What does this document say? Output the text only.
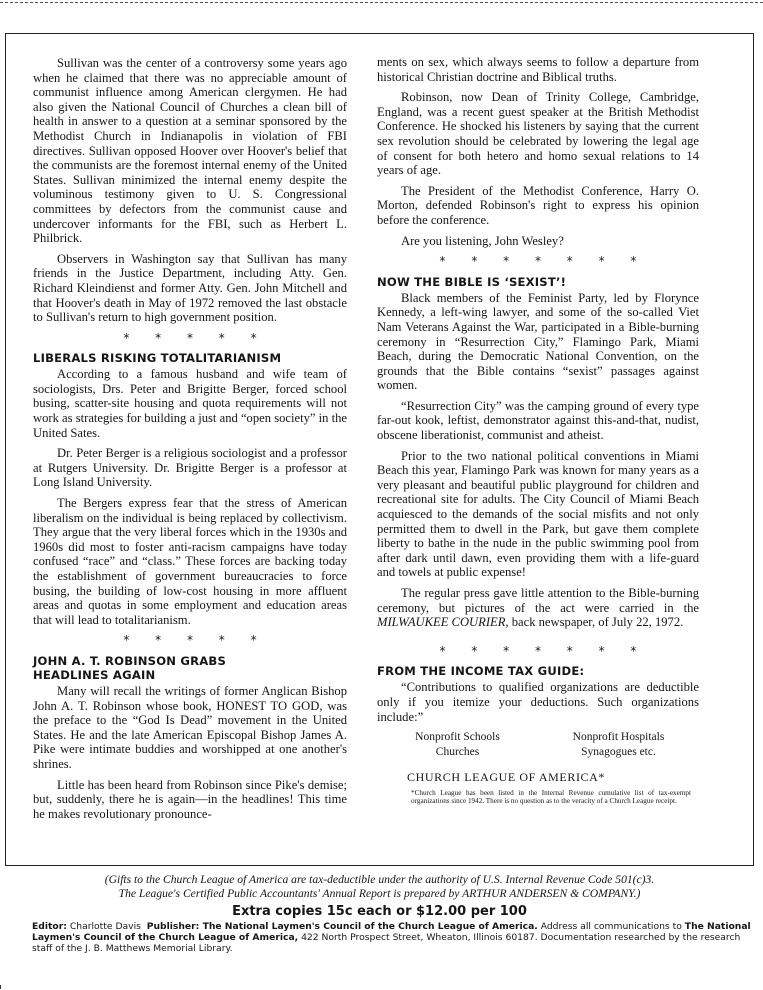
Sullivan was the center of a controversy some years ago when he claimed that there was no appreciable amount of communist influence among American clergymen. He had also given the National Council of Churches a clean bill of health in answer to a question at a seminar sponsored by the Methodist Church in Indianapolis in violation of FBI directives. Sullivan opposed Hoover over Hoover's belief that the communists are the foremost internal enemy of the United States. Sullivan minimized the internal enemy despite the voluminous testimony given to U. S. Congressional committees by defectors from the communist cause and undercover informants for the FBI, such as Herbert L. Philbrick.

Observers in Washington say that Sullivan has many friends in the Justice Department, including Atty. Gen. Richard Kleindienst and former Atty. Gen. John Mitchell and that Hoover's death in May of 1972 removed the last obstacle to Sullivan's return to high government position.

* * * * *
LIBERALS RISKING TOTALITARIANISM

According to a famous husband and wife team of sociologists, Drs. Peter and Brigitte Berger, forced school busing, scatter-site housing and quota requirements will not work as strategies for building a just and “open society” in the United Sates.

Dr. Peter Berger is a religious sociologist and a professor at Rutgers University. Dr. Brigitte Berger is a professor at Long Island University.

The Bergers express fear that the stress of American liberalism on the individual is being replaced by collectivism. They argue that the very liberal forces which in the 1930s and 1960s did most to foster anti-racism campaigns have today confused “race” and “class.” These forces are backing today the establishment of government bureaucracies to force busing, the building of low-cost housing in more affluent areas and quotas in some employment and education areas that will lead to totalitarianism.

* * * * *
JOHN A. T. ROBINSON GRABS
HEADLINES AGAIN

Many will recall the writings of former Anglican Bishop John A. T. Robinson whose book, HONEST TO GOD, was the preface to the “God Is Dead” movement in the United States. He and the late American Episcopal Bishop James A. Pike were intimate buddies and worshipped at one another's shrines.

Little has been heard from Robinson since Pike's demise; but, suddenly, there he is again—in the headlines! This time he makes revolutionary pronounce-

ments on sex, which always seems to follow a departure from historical Christian doctrine and Biblical truths.

Robinson, now Dean of Trinity College, Cambridge, England, was a recent guest speaker at the British Methodist Conference. He shocked his listeners by saying that the current sex revolution should be celebrated by lowering the legal age of consent for both hetero and homo sexual relations to 14 years of age.

The President of the Methodist Conference, Harry O. Morton, defended Robinson's right to express his opinion before the conference.

Are you listening, John Wesley?

* * * * * * *
NOW THE BIBLE IS ‘SEXIST’!

Black members of the Feminist Party, led by Florynce Kennedy, a left-wing lawyer, and some of the so-called Viet Nam Veterans Against the War, participated in a Bible-burning ceremony in “Resurrection City,” Flamingo Park, Miami Beach, during the Democratic National Convention, on the grounds that the Bible contains “sexist” passages against women.

“Resurrection City” was the camping ground of every type far-out kook, leftist, demonstrator against this-and-that, nudist, obscene liberationist, communist and atheist.

Prior to the two national political conventions in Miami Beach this year, Flamingo Park was known for many years as a very pleasant and beautiful public playground for children and recreational site for adults. The City Council of Miami Beach acquiesced to the demands of the social misfits and not only permitted them to dwell in the Park, but gave them complete liberty to bathe in the nude in the public swimming pool from after dark until dawn, even providing them with a life-guard and towels at public expense!

The regular press gave little attention to the Bible-burning ceremony, but pictures of the act were carried in the MILWAUKEE COURIER, back newspaper, of July 22, 1972.

* * * * * * *
FROM THE INCOME TAX GUIDE:

“Contributions to qualified organizations are deductible only if you itemize your deductions. Such organizations include:”

Nonprofit Schools	Nonprofit Hospitals
Churches	Synagogues etc.
CHURCH LEAGUE OF AMERICA*
*Church League has been listed in the Internal Revenue cumulative list of tax-exempt organizations since 1942. There is no question as to the veracity of a Church League receipt.
(Gifts to the Church League of America are tax-deductible under the authority of U.S. Internal Revenue Code 501(c)3.
The League's Certified Public Accountants' Annual Report is prepared by ARTHUR ANDERSEN & COMPANY.)
Extra copies 15c each or $12.00 per 100
Editor: Charlotte Davis Publisher: The National Laymen's Council of the Church League of America. Address all communications to The National Laymen's Council of the Church League of America, 422 North Prospect Street, Wheaton, Illinois 60187. Documentation researched by the research staff of the J. B. Matthews Memorial Library.
